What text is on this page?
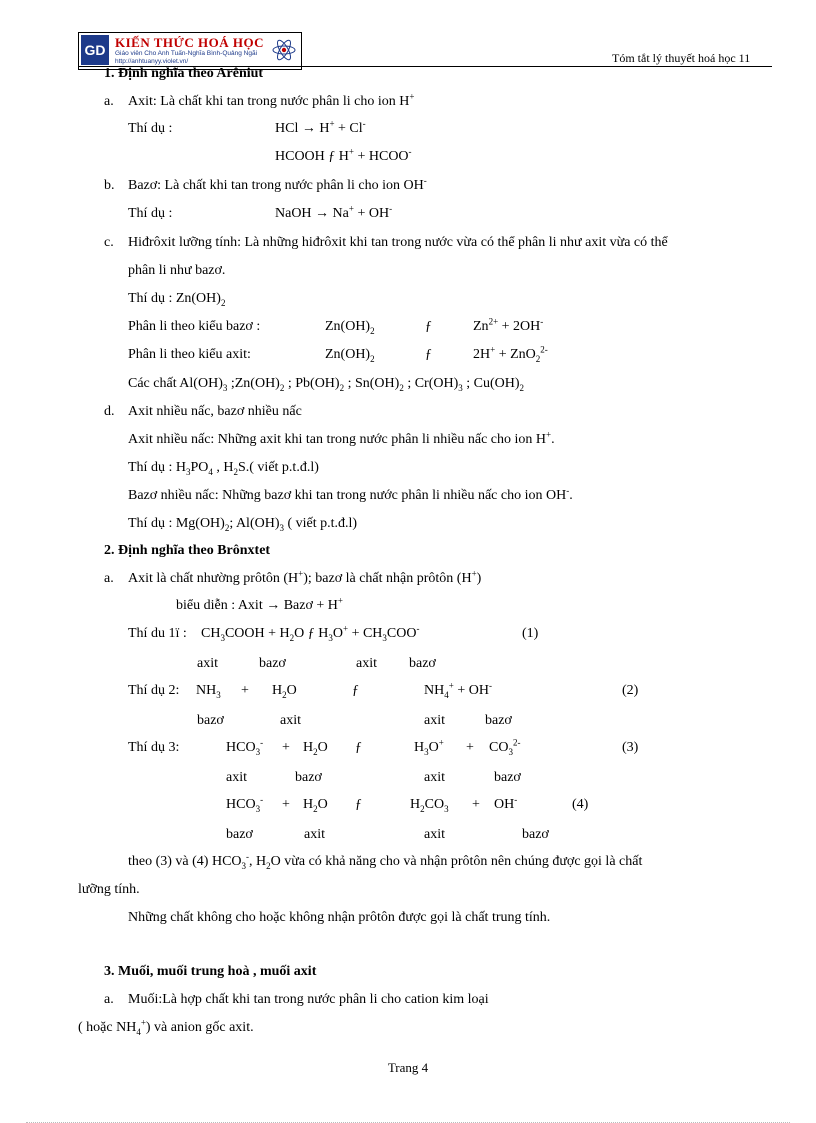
GD KIẾN THỨC HOÁ HỌC
Giáo viên Cho Anh Tuấn-Nghĩa Bình-Quảng Ngãi
http://anhtuanyy.violet.vn/	Tóm tắt lý thuyết hoá học 11
1. Định nghĩa theo Arêniut
a. Axit: Là chất khi tan trong nước phân li cho ion H+
Thí dụ :	HCl → H+ + Cl-
HCOOH ƒ H+ + HCOO-
b. Bazơ: Là chất khi tan trong nước phân li cho ion OH-
Thí dụ :	NaOH → Na+ + OH-
c. Hiđrôxit lưỡng tính: Là những hiđrôxit khi tan trong nước vừa có thể phân li như axit vừa có thể
phân li như bazơ.
Thí dụ : $Zn(OH)_2$
Phân li theo kiểu bazơ :	$Zn(OH)_2$	ƒ	$Zn^{2+} + 2OH^-$
Phân li theo kiểu axit:	$Zn(OH)_2$	ƒ	2H+ + ZnO$_2^{2-}$
Các chất $Al(OH)_3$ $;Zn(OH)_2$ ; $Pb(OH)_2$ ; $Sn(OH)_2$ ; $Cr(OH)_3$ ; $Cu(OH)_2$
d. Axit nhiều nấc, bazơ nhiều nấc
Axit nhiều nấc: Những axit khi tan trong nước phân li nhiều nấc cho ion H+.
Thí dụ : $H_3PO_4$ , $H_2S$.( viết p.t.đ.l)
Bazơ nhiều nấc: Những bazơ khi tan trong nước phân li nhiều nấc cho ion OH-.
Thí dụ : $Mg(OH)_2$; $Al(OH)_3$ ( viết p.t.đ.l)
2. Định nghĩa theo Brônxtet
a. Axit là chất nhường prôtôn (H+); bazơ là chất nhận prôtôn (H+)
biểu diễn : Axit → Bazơ + H+
Thí du 1ï : $CH_3COOH + H_2O$ ƒ $H_3O^+ + CH_3COO^-$	(1)
axit	bazơ	axit bazơ
Thí dụ 2: $NH_3 + H_2O$	ƒ	$NH_4^+ + OH^-$	(2)
bazơ	axit	axit	bazơ
Thí dụ 3:	$HCO_3^- + H_2O$ ƒ	$H_3O^+ + CO_3^{2-}$	(3)
axit	bazơ	axit	bazơ
$HCO_3^- + H_2O$ ƒ	$H_2CO_3 + OH^-$	(4)
bazơ	axit	axit	bazơ
theo (3) và (4) $HCO_3^-$, $H_2O$ vừa có khả năng cho và nhận prôtôn nên chúng được gọi là chất
lưỡng tính.
Những chất không cho hoặc không nhận prôtôn được gọi là chất trung tính.
3. Muối, muối trung hoà , muối axit
a. Muối:Là hợp chất khi tan trong nước phân li cho cation kim loại
( hoặc $NH_4^+$) và anion gốc axit.
Trang 4
